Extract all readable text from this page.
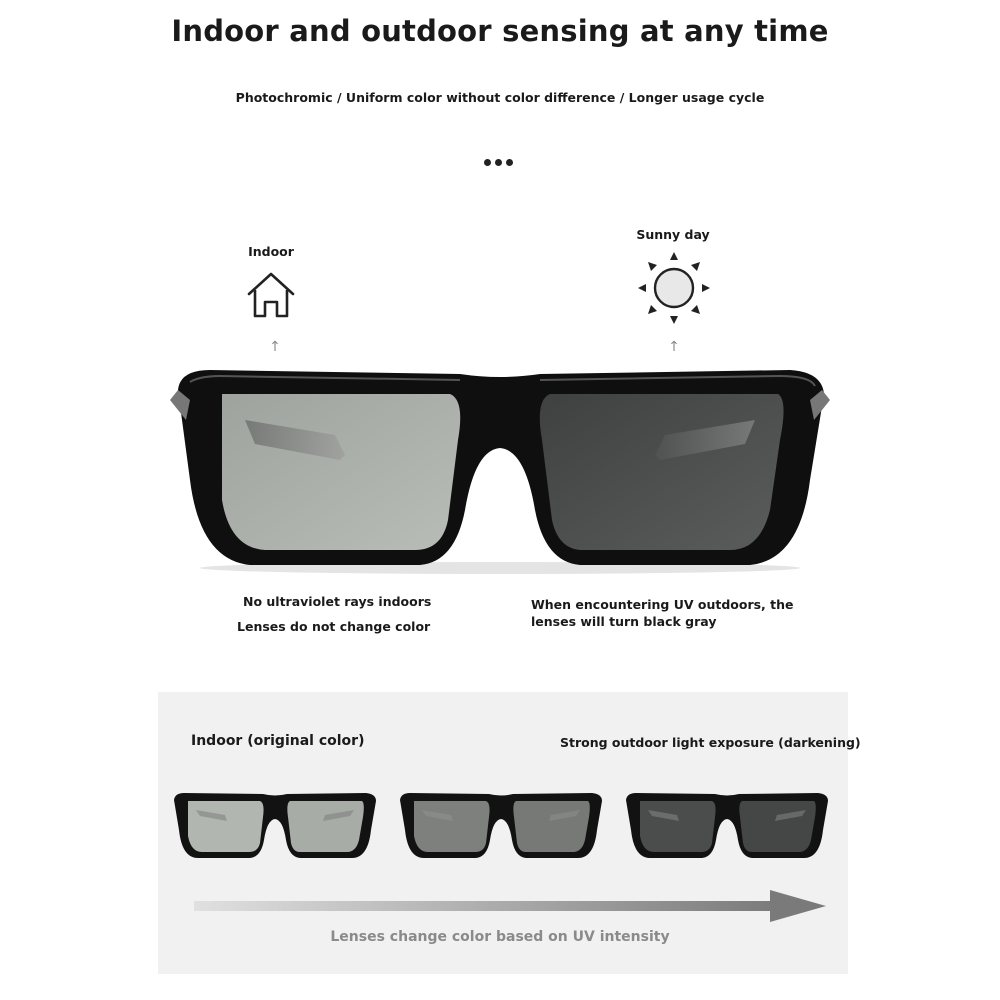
Indoor and outdoor sensing at any time
Photochromic / Uniform color without color difference / Longer usage cycle
Indoor
↑
Sunny day
↑
No ultraviolet rays indoors
Lenses do not change color
When encountering UV outdoors, the
lenses will turn black gray
Indoor (original color)	Strong outdoor light exposure (darkening)
Lenses change color based on UV intensity
